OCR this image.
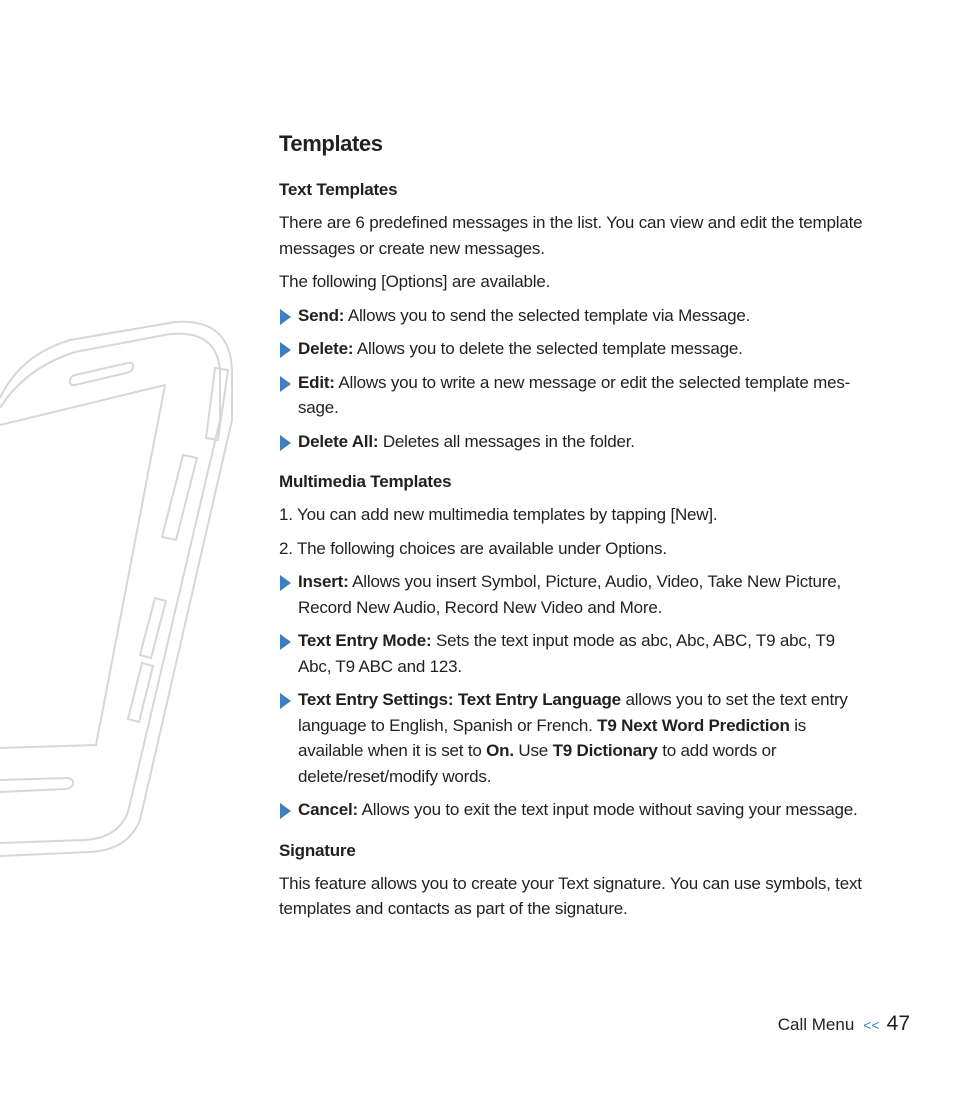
Templates
Text Templates
There are 6 predefined messages in the list. You can view and edit the template messages or create new messages.
The following [Options] are available.
Send: Allows you to send the selected template via Message.
Delete: Allows you to delete the selected template message.
Edit: Allows you to write a new message or edit the selected template mes-sage.
Delete All: Deletes all messages in the folder.
Multimedia Templates
1. You can add new multimedia templates by tapping [New].
2. The following choices are available under Options.
Insert: Allows you insert Symbol, Picture, Audio, Video, Take New Picture, Record New Audio, Record New Video and More.
Text Entry Mode: Sets the text input mode as abc, Abc, ABC, T9 abc, T9 Abc, T9 ABC and 123.
Text Entry Settings: Text Entry Language allows you to set the text entry language to English, Spanish or French. T9 Next Word Prediction is available when it is set to On. Use T9 Dictionary to add words or delete/reset/modify words.
Cancel: Allows you to exit the text input mode without saving your message.
Signature
This feature allows you to create your Text signature. You can use symbols, text templates and contacts as part of the signature.
Call Menu << 47
